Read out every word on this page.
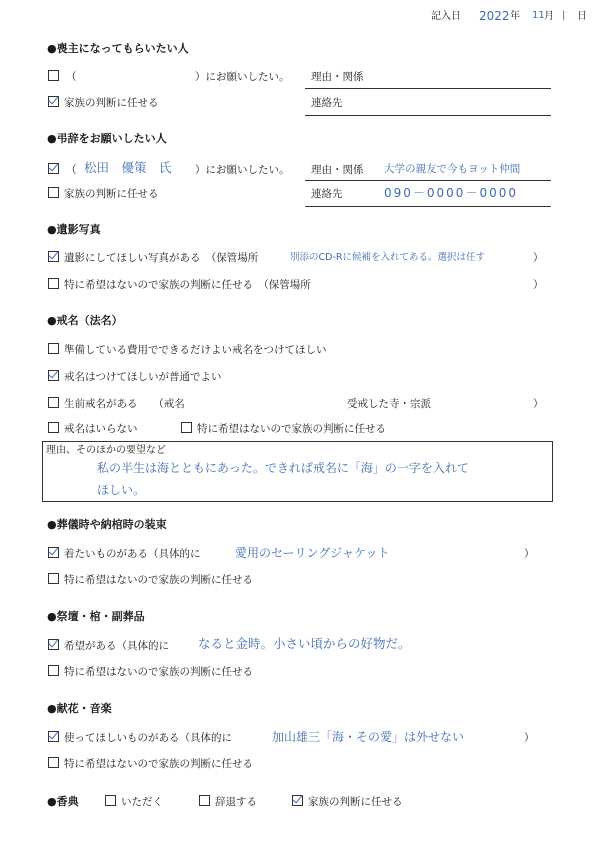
記入日 2022 年 11 月 | 日
●喪主になってもらいたい人
（	）にお願いしたい。 理由・関係
家族の判断に任せる	連絡先
●弔辞をお願いしたい人
（ 松田　優策　氏 ）にお願いしたい。 理由・関係 大学の親友で今もヨット仲間
家族の判断に任せる	連絡先	090－0000－0000
●遺影写真
遺影にしてほしい写真がある　（保管場所	別添のCD-Rに候補を入れてある。選択は任す	）
特に希望はないので家族の判断に任せる　（保管場所	）
●戒名（法名）
準備している費用でできるだけよい戒名をつけてほしい
戒名はつけてほしいが普通でよい
生前戒名がある　　（戒名	受戒した寺・宗派	）
戒名はいらない	特に希望はないので家族の判断に任せる
理由、そのほかの要望など
私の半生は海とともにあった。できれば戒名に「海」の一字を入れて
ほしい。
●葬儀時や納棺時の装束
着たいものがある（具体的に	愛用のセーリングジャケット	）
特に希望はないので家族の判断に任せる
●祭壇・棺・副葬品
希望がある（具体的に なると金時。小さい頃からの好物だ。
特に希望はないので家族の判断に任せる
●献花・音楽
使ってほしいものがある（具体的に	加山雄三「海・その愛」は外せない	）
特に希望はないので家族の判断に任せる
●香典	いただく	辞退する	家族の判断に任せる
